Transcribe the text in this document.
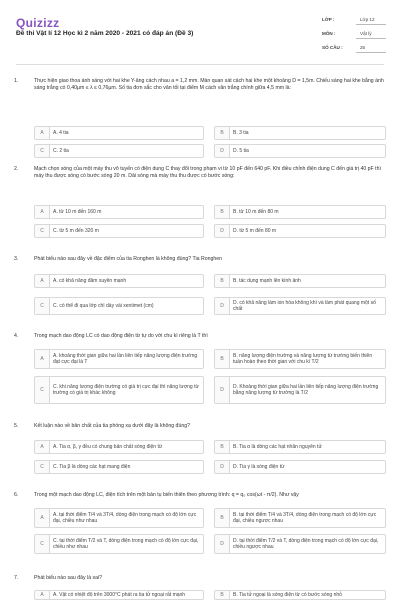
Quizizz
Đề thi Vật lí 12 Học kì 2 năm 2020 - 2021 có đáp án (Đề 3)
LỚP :	Lớp 12
MÔN :	Vật lý
SỐ CÂU :	25
1.	Thực hiện giao thoa ánh sáng với hai khe Y-âng cách nhau a = 1,2 mm. Màn quan sát cách hai khe một khoảng D = 1,5m. Chiếu sáng hai khe bằng ánh sáng trắng có 0,40µm ≤ λ ≤ 0,76µm. Số tia đơn sắc cho vân tối tại điểm M cách vân trắng chính giữa 4,5 mm là:
A	A. 4 tia	B	B. 3 tia
C	C. 2 tia	D	D. 5 tia
2.	Mạch chọn sóng của một máy thu vô tuyến có điện dung C thay đổi trong phạm vi từ 10 pF đến 640 pF. Khi điều chỉnh điện dung C đến giá trị 40 pF thì máy thu được sóng có bước sóng 20 m. Dải sóng mà máy thu thu được có bước sóng:
A	A. từ 10 m đến 160 m	B	B. từ 10 m đến 80 m
C	C. từ 5 m đến 320 m	D	D. từ 5 m đến 80 m
3.	Phát biểu nào sau đây về đặc điểm của tia Ronghen là không đúng? Tia Ronghen
A	A. có khả năng đâm xuyên mạnh	B	B. tác dụng mạnh lên kính ảnh
C	C. có thể đi qua lớp chì dày vài xentimet (cm)	D
D. có khả năng làm ion hóa không khí và làm phát quang một số chất
4.	Trong mạch dao động LC có dao động điện từ tự do với chu kì riêng là T thì
A
A. khoảng thời gian giữa hai lần liên tiếp năng lượng điện trường đạt cực đại là T	B
B. năng lượng điện trường và năng lượng từ trường biến thiên tuần hoàn theo thời gian với chu kì T/2
C
C. khi năng lượng điện trường có giá trị cực đại thì năng lượng từ trường có giá trị khác không	D
D. Khoảng thời gian giữa hai lần liên tiếp năng lượng điện trường bằng năng lượng từ trường là T/2
5.	Kết luận nào về bản chất của tia phóng xạ dưới đây là không đúng?
A	A. Tia α, β, γ đều có chung bản chất sóng điện từ	B	B. Tia α là dòng các hạt nhân nguyên tử
C	C. Tia β là dòng các hạt mang điện	D	D. Tia γ là sóng điện từ
6.	Trong một mạch dao động LC, điện tích trên một bản tụ biến thiên theo phương trình: q = q₀ cos(ωt - π/2). Như vậy
A
A. tại thời điểm T/4 và 3T/4, dòng điện trong mạch có độ lớn cực đại, chiều như nhau	B
B. tại thời điểm T/4 và 3T/4, dòng điện trong mạch có độ lớn cực đại, chiều ngược nhau
C
C. tại thời điểm T/2 và T, dòng điện trong mạch có độ lớn cực đại, chiều như nhau	D
D. tại thời điểm T/2 và T, dòng điện trong mạch có độ lớn cực đại, chiều ngược nhau
7.	Phát biểu nào sau đây là sai?
A	A. Vật có nhiệt độ trên 3000°C phát ra tia tử ngoại rất mạnh	B	B. Tia tử ngoại là sóng điện từ có bước sóng nhỏ
